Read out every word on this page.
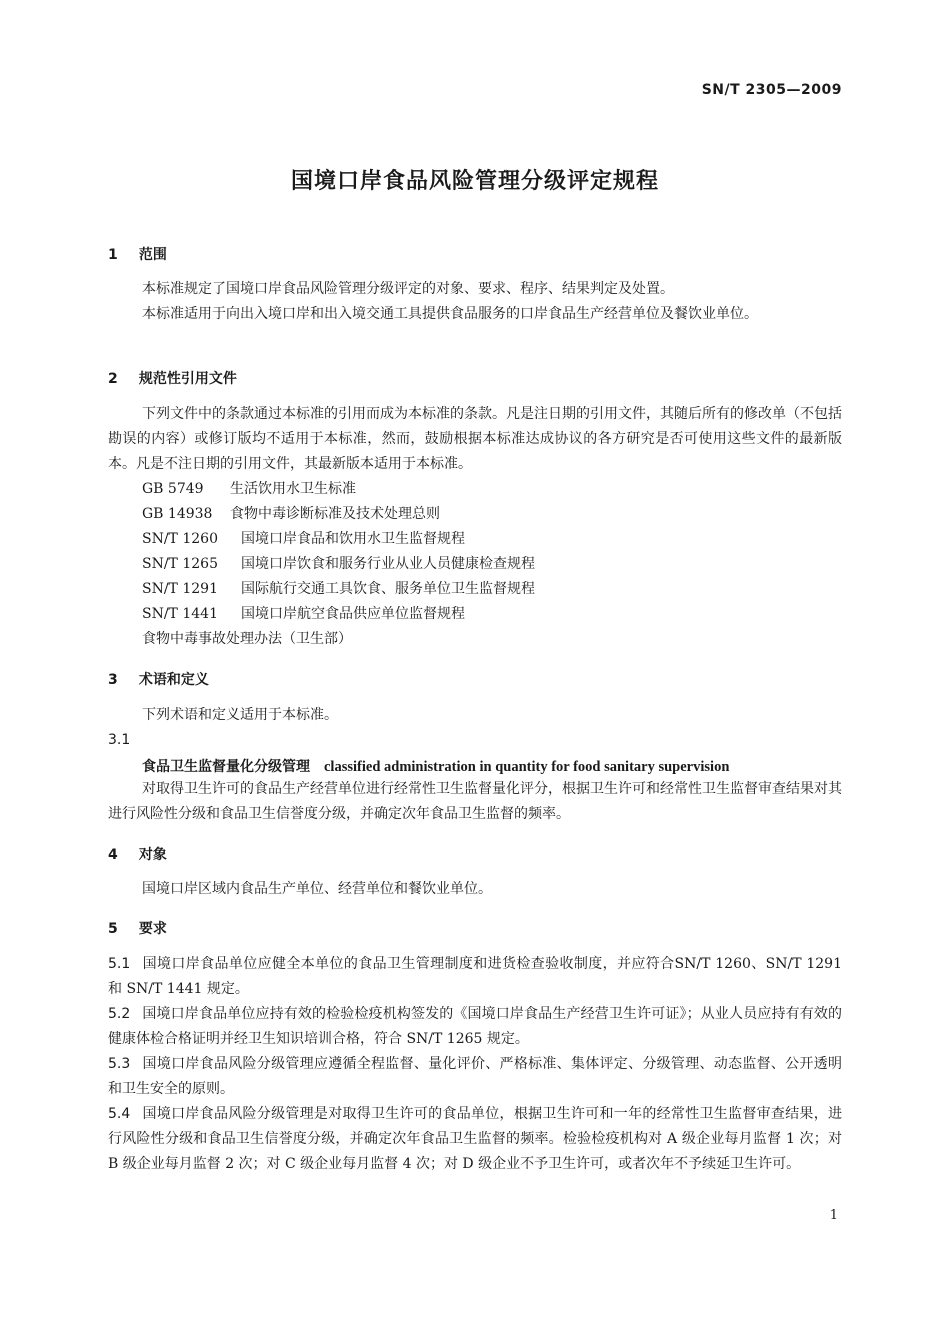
SN/T 2305—2009
国境口岸食品风险管理分级评定规程
1 范围
本标准规定了国境口岸食品风险管理分级评定的对象、要求、程序、结果判定及处置。
本标准适用于向出入境口岸和出入境交通工具提供食品服务的口岸食品生产经营单位及餐饮业单位。
2 规范性引用文件
下列文件中的条款通过本标准的引用而成为本标准的条款。凡是注日期的引用文件，其随后所有的修改单（不包括勘误的内容）或修订版均不适用于本标准，然而，鼓励根据本标准达成协议的各方研究是否可使用这些文件的最新版本。凡是不注日期的引用文件，其最新版本适用于本标准。
GB 5749 生活饮用水卫生标准
GB 14938 食物中毒诊断标准及技术处理总则
SN/T 1260 国境口岸食品和饮用水卫生监督规程
SN/T 1265 国境口岸饮食和服务行业从业人员健康检查规程
SN/T 1291 国际航行交通工具饮食、服务单位卫生监督规程
SN/T 1441 国境口岸航空食品供应单位监督规程
食物中毒事故处理办法（卫生部）
3 术语和定义
下列术语和定义适用于本标准。
3.1
食品卫生监督量化分级管理 classified administration in quantity for food sanitary supervision
对取得卫生许可的食品生产经营单位进行经常性卫生监督量化评分，根据卫生许可和经常性卫生监督审查结果对其进行风险性分级和食品卫生信誉度分级，并确定次年食品卫生监督的频率。
4 对象
国境口岸区域内食品生产单位、经营单位和餐饮业单位。
5 要求
5.1 国境口岸食品单位应健全本单位的食品卫生管理制度和进货检查验收制度，并应符合SN/T 1260、SN/T 1291 和 SN/T 1441 规定。
5.2 国境口岸食品单位应持有效的检验检疫机构签发的《国境口岸食品生产经营卫生许可证》；从业人员应持有有效的健康体检合格证明并经卫生知识培训合格，符合 SN/T 1265 规定。
5.3 国境口岸食品风险分级管理应遵循全程监督、量化评价、严格标准、集体评定、分级管理、动态监督、公开透明和卫生安全的原则。
5.4 国境口岸食品风险分级管理是对取得卫生许可的食品单位，根据卫生许可和一年的经常性卫生监督审查结果，进行风险性分级和食品卫生信誉度分级，并确定次年食品卫生监督的频率。检验检疫机构对 A 级企业每月监督 1 次；对 B 级企业每月监督 2 次；对 C 级企业每月监督 4 次；对 D 级企业不予卫生许可，或者次年不予续延卫生许可。
1
